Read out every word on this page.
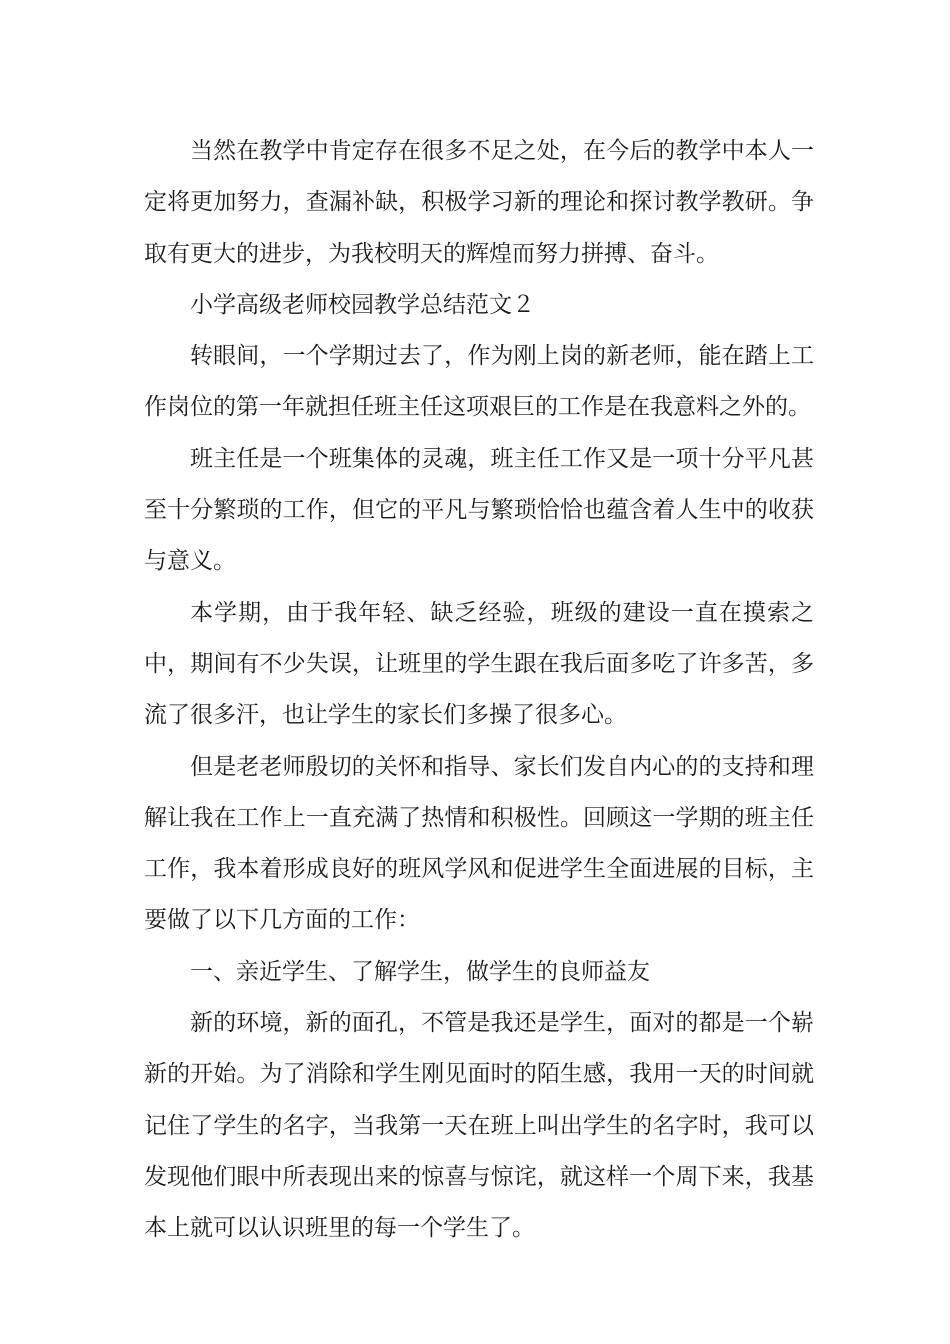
当然在教学中肯定存在很多不足之处，在今后的教学中本人一定将更加努力，查漏补缺，积极学习新的理论和探讨教学教研。争取有更大的进步，为我校明天的辉煌而努力拼搏、奋斗。

小学高级老师校园教学总结范文２

转眼间，一个学期过去了，作为刚上岗的新老师，能在踏上工作岗位的第一年就担任班主任这项艰巨的工作是在我意料之外的。

班主任是一个班集体的灵魂，班主任工作又是一项十分平凡甚至十分繁琐的工作，但它的平凡与繁琐恰恰也蕴含着人生中的收获与意义。

本学期，由于我年轻、缺乏经验，班级的建设一直在摸索之中，期间有不少失误，让班里的学生跟在我后面多吃了许多苦，多流了很多汗，也让学生的家长们多操了很多心。

但是老老师殷切的关怀和指导、家长们发自内心的的支持和理解让我在工作上一直充满了热情和积极性。回顾这一学期的班主任工作，我本着形成良好的班风学风和促进学生全面进展的目标，主要做了以下几方面的工作：

一、亲近学生、了解学生，做学生的良师益友

新的环境，新的面孔，不管是我还是学生，面对的都是一个崭新的开始。为了消除和学生刚见面时的陌生感，我用一天的时间就记住了学生的名字，当我第一天在班上叫出学生的名字时，我可以发现他们眼中所表现出来的惊喜与惊诧，就这样一个周下来，我基本上就可以认识班里的每一个学生了。
